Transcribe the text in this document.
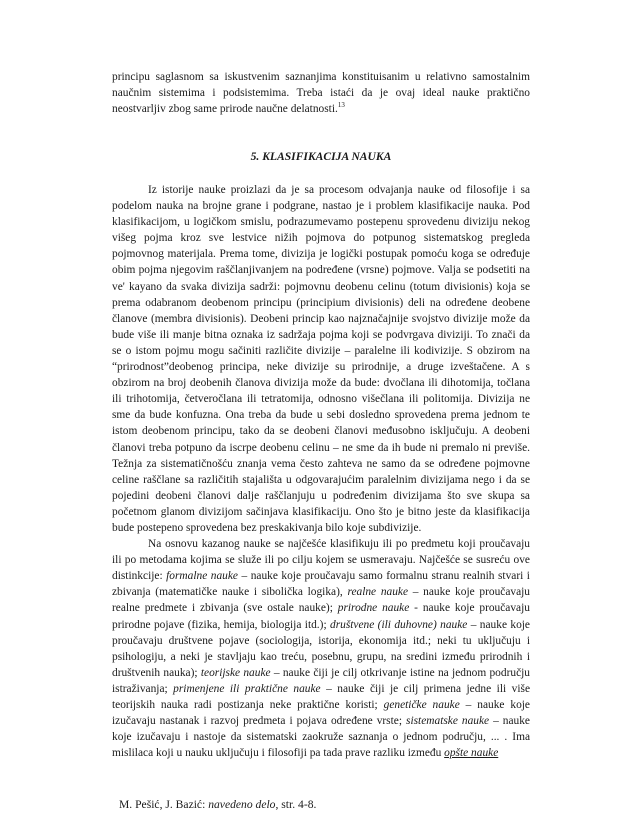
principu saglasnom sa iskustvenim saznanjima konstituisanim u relativno samostalnim naučnim sistemima i podsistemima. Treba istaći da je ovaj ideal nauke praktično neostvarljiv zbog same prirode naučne delatnosti.$^{13}$

5. KLASIFIKACIJA NAUKA

Iz istorije nauke proizlazi da je sa procesom odvajanja nauke od filosofije i sa podelom nauka na brojne grane i podgrane, nastao je i problem klasifikacije nauka. Pod klasifikacijom, u logičkom smislu, podrazumevamo postepenu sprovedenu diviziju nekog višeg pojma kroz sve lestvice nižih pojmova do potpunog sistematskog pregleda pojmovnog materijala. Prema tome, divizija je logički postupak pomoću koga se određuje obim pojma njegovim raščlanjivanjem na podređene (vrsne) pojmove. Valja se podsetiti na ve' kayano da svaka divizija sadrži: pojmovnu deobenu celinu (totum divisionis) koja se prema odabranom deobenom principu (principium divisionis) deli na određene deobene članove (membra divisionis). Deobeni princip kao najznačajnije svojstvo divizije može da bude više ili manje bitna oznaka iz sadržaja pojma koji se podvrgava diviziji. To znači da se o istom pojmu mogu sačiniti različite divizije – paralelne ili kodivizije. S obzirom na “prirodnost”deobenog principa, neke divizije su prirodnije, a druge izveštačene. A s obzirom na broj deobenih članova divizija može da bude: dvočlana ili dihotomija, točlana ili trihotomija, četveročlana ili tetratomija, odnosno višečlana ili politomija. Divizija ne sme da bude konfuzna. Ona treba da bude u sebi dosledno sprovedena prema jednom te istom deobenom principu, tako da se deobeni članovi međusobno isključuju. A deobeni članovi treba potpuno da iscrpe deobenu celinu – ne sme da ih bude ni premalo ni previše. Težnja za sistematičnošću znanja vema često zahteva ne samo da se određene pojmovne celine raščlane sa različitih stajališta u odgovarajućim paralelnim divizijama nego i da se pojedini deobeni članovi dalje raščlanjuju u podređenim divizijama što sve skupa sa početnom glanom divizijom sačinjava klasifikaciju. Ono što je bitno jeste da klasifikacija bude postepeno sprovedena bez preskakivanja bilo koje subdivizije.

Na osnovu kazanog nauke se najčešće klasifikuju ili po predmetu koji proučavaju ili po metodama kojima se služe ili po cilju kojem se usmeravaju. Najčešće se susreću ove distinkcije: formalne nauke – nauke koje proučavaju samo formalnu stranu realnih stvari i zbivanja (matematičke nauke i sibolička logika), realne nauke – nauke koje proučavaju realne predmete i zbivanja (sve ostale nauke); prirodne nauke - nauke koje proučavaju prirodne pojave (fizika, hemija, biologija itd.); društvene (ili duhovne) nauke – nauke koje proučavaju društvene pojave (sociologija, istorija, ekonomija itd.; neki tu uključuju i psihologiju, a neki je stavljaju kao treću, posebnu, grupu, na sredini između prirodnih i društvenih nauka); teorijske nauke – nauke čiji je cilj otkrivanje istine na jednom području istraživanja; primenjene ili praktične nauke – nauke čiji je cilj primena jedne ili više teorijskih nauka radi postizanja neke praktične koristi; genetičke nauke – nauke koje izučavaju nastanak i razvoj predmeta i pojava određene vrste; sistematske nauke – nauke koje izučavaju i nastoje da sistematski zaokruže saznanja o jednom području, ... . Ima mislilaca koji u nauku uključuju i filosofiji pa tada prave razliku između opšte nauke

M. Pešić, J. Bazić: navedeno delo, str. 4-8.
